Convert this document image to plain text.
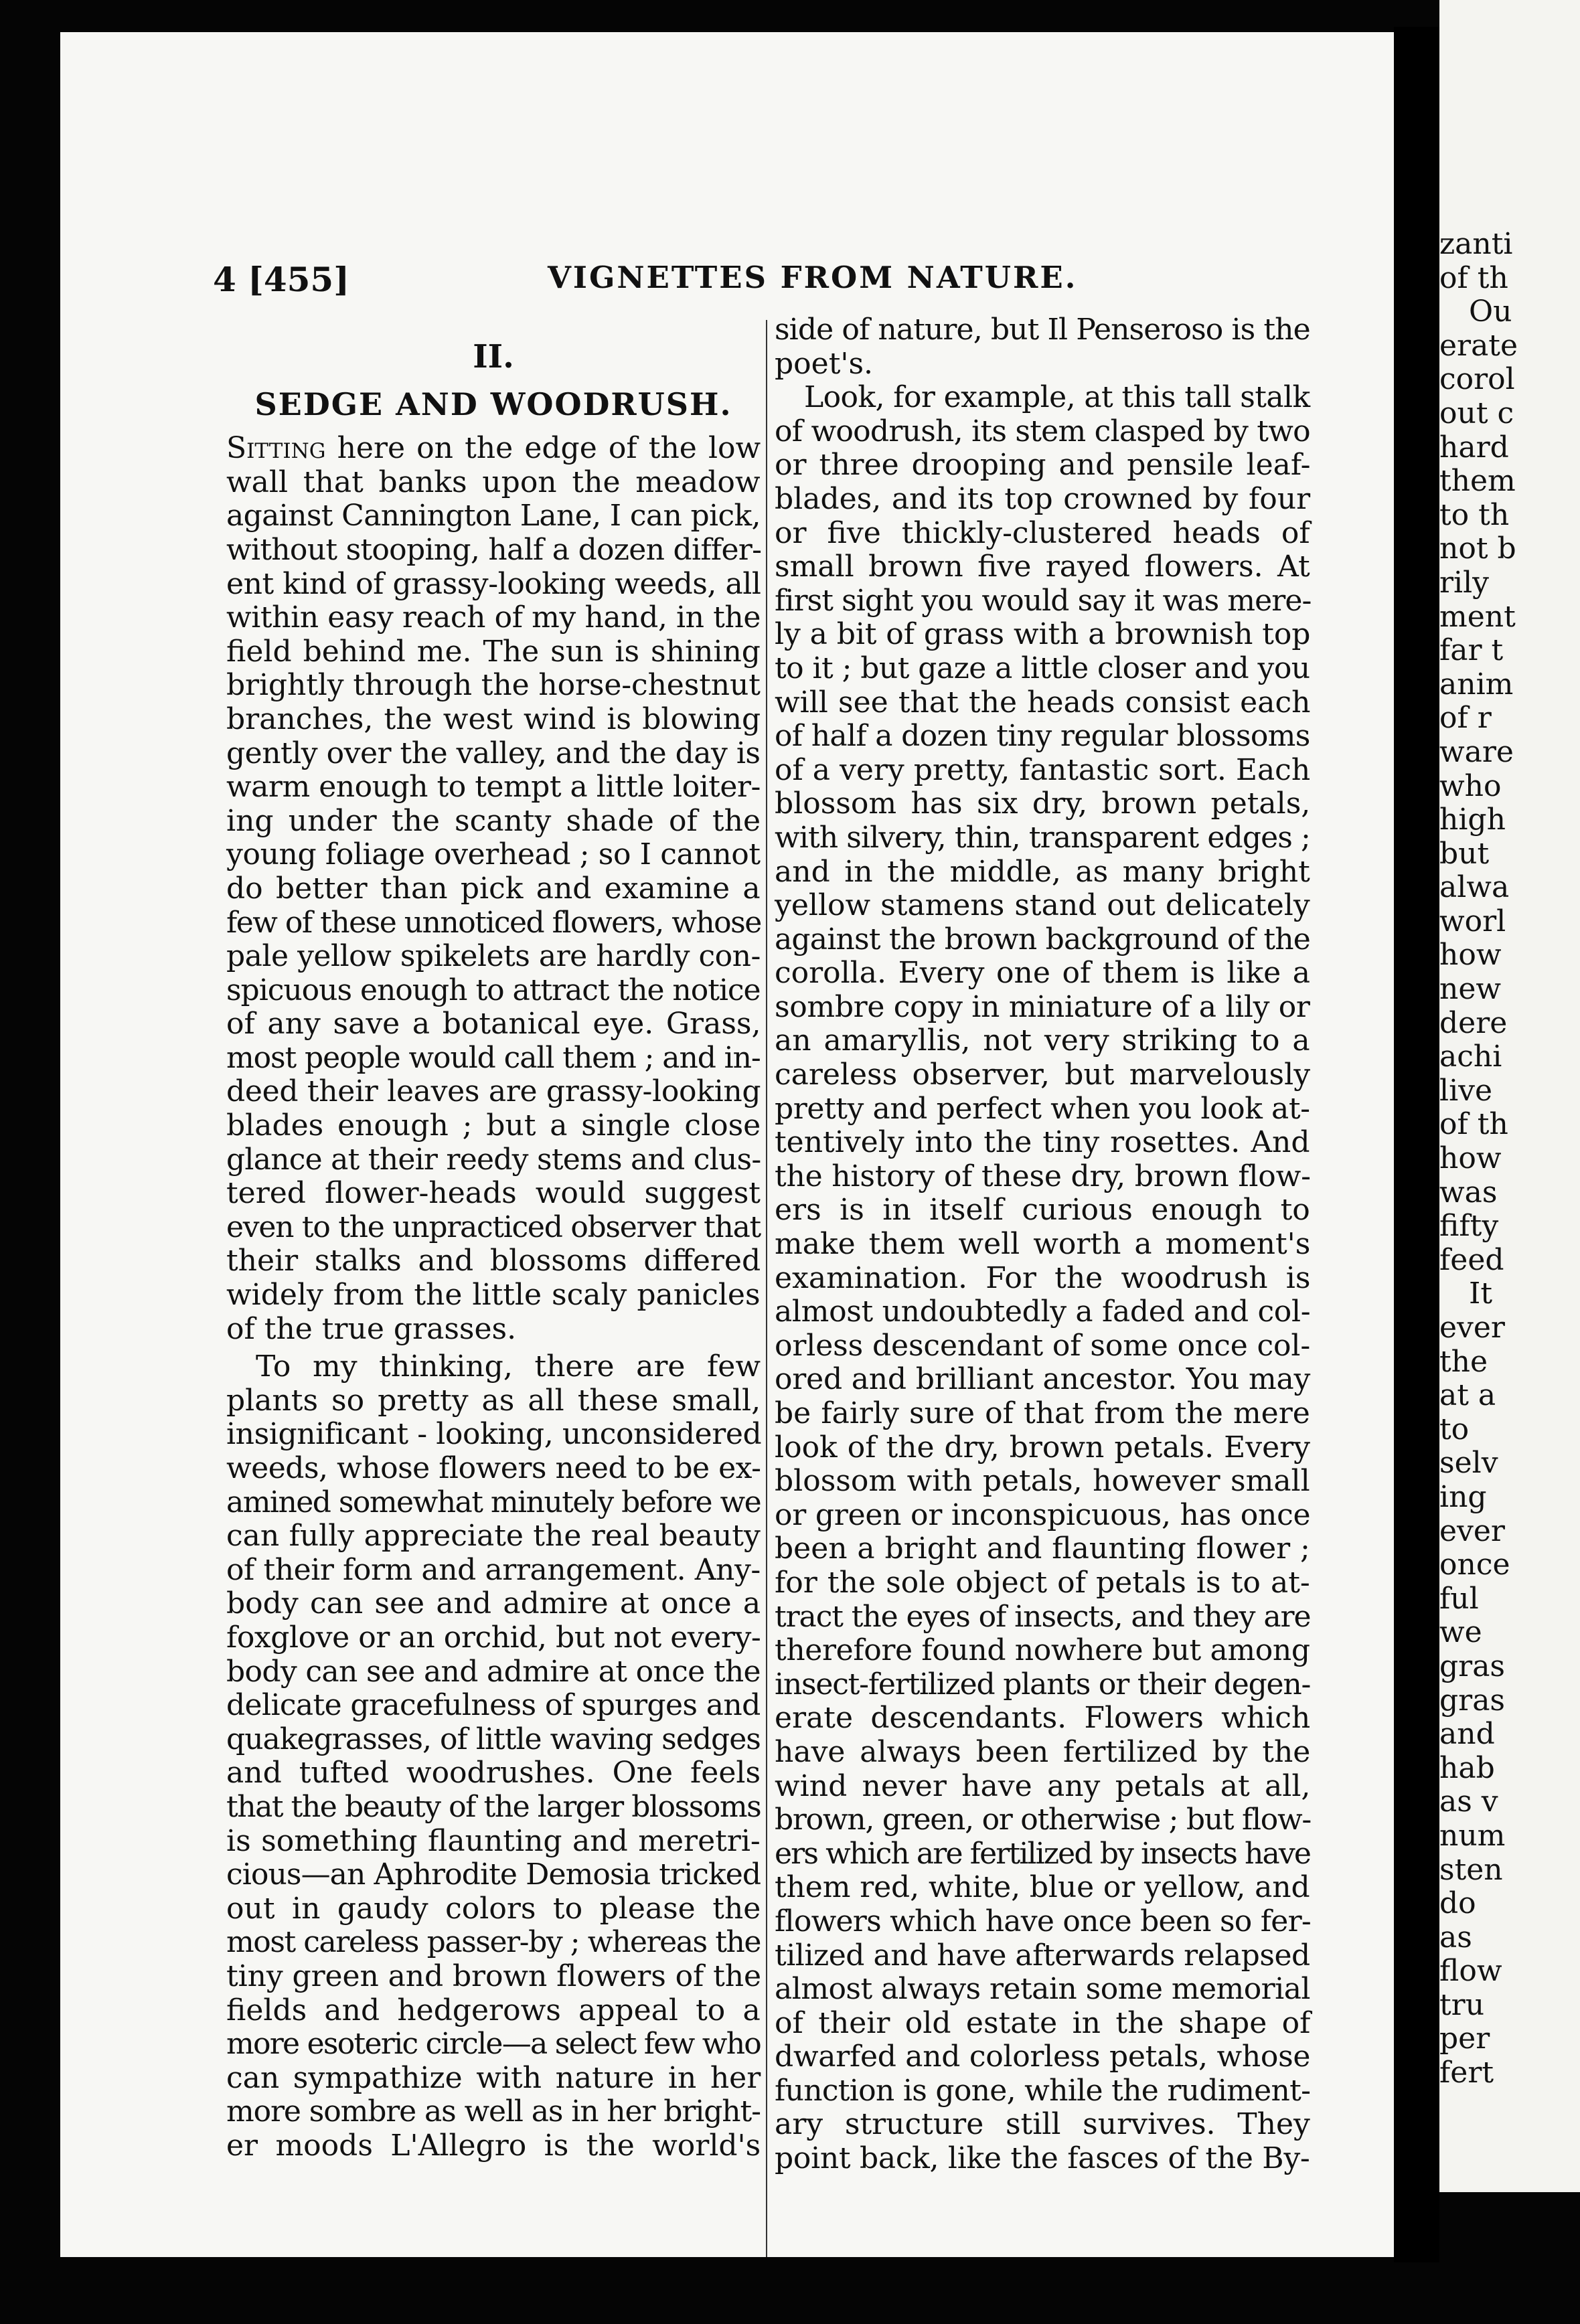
4 [455]	VIGNETTES FROM NATURE.
II.
SEDGE AND WOODRUSH.
Sitting here on the edge of the low
wall that banks upon the meadow
against Cannington Lane, I can pick,
without stooping, half a dozen differ-
ent kind of grassy-looking weeds, all
within easy reach of my hand, in the
field behind me. The sun is shining
brightly through the horse-chestnut
branches, the west wind is blowing
gently over the valley, and the day is
warm enough to tempt a little loiter-
ing under the scanty shade of the
young foliage overhead ; so I cannot
do better than pick and examine a
few of these unnoticed flowers, whose
pale yellow spikelets are hardly con-
spicuous enough to attract the notice
of any save a botanical eye. Grass,
most people would call them ; and in-
deed their leaves are grassy-looking
blades enough ; but a single close
glance at their reedy stems and clus-
tered flower-heads would suggest
even to the unpracticed observer that
their stalks and blossoms differed
widely from the little scaly panicles
of the true grasses.
To my thinking, there are few
plants so pretty as all these small,
insignificant - looking, unconsidered
weeds, whose flowers need to be ex-
amined somewhat minutely before we
can fully appreciate the real beauty
of their form and arrangement. Any-
body can see and admire at once a
foxglove or an orchid, but not every-
body can see and admire at once the
delicate gracefulness of spurges and
quakegrasses, of little waving sedges
and tufted woodrushes. One feels
that the beauty of the larger blossoms
is something flaunting and meretri-
cious—an Aphrodite Demosia tricked
out in gaudy colors to please the
most careless passer-by ; whereas the
tiny green and brown flowers of the
fields and hedgerows appeal to a
more esoteric circle—a select few who
can sympathize with nature in her
more sombre as well as in her bright-
er moods L'Allegro is the world's
side of nature, but Il Penseroso is the
poet's.
Look, for example, at this tall stalk
of woodrush, its stem clasped by two
or three drooping and pensile leaf-
blades, and its top crowned by four
or five thickly-clustered heads of
small brown five rayed flowers. At
first sight you would say it was mere-
ly a bit of grass with a brownish top
to it ; but gaze a little closer and you
will see that the heads consist each
of half a dozen tiny regular blossoms
of a very pretty, fantastic sort. Each
blossom has six dry, brown petals,
with silvery, thin, transparent edges ;
and in the middle, as many bright
yellow stamens stand out delicately
against the brown background of the
corolla. Every one of them is like a
sombre copy in miniature of a lily or
an amaryllis, not very striking to a
careless observer, but marvelously
pretty and perfect when you look at-
tentively into the tiny rosettes. And
the history of these dry, brown flow-
ers is in itself curious enough to
make them well worth a moment's
examination. For the woodrush is
almost undoubtedly a faded and col-
orless descendant of some once col-
ored and brilliant ancestor. You may
be fairly sure of that from the mere
look of the dry, brown petals. Every
blossom with petals, however small
or green or inconspicuous, has once
been a bright and flaunting flower ;
for the sole object of petals is to at-
tract the eyes of insects, and they are
therefore found nowhere but among
insect-fertilized plants or their degen-
erate descendants. Flowers which
have always been fertilized by the
wind never have any petals at all,
brown, green, or otherwise ; but flow-
ers which are fertilized by insects have
them red, white, blue or yellow, and
flowers which have once been so fer-
tilized and have afterwards relapsed
almost always retain some memorial
of their old estate in the shape of
dwarfed and colorless petals, whose
function is gone, while the rudiment-
ary structure still survives. They
point back, like the fasces of the By-
zanti
of th
Ou
erate
corol
out c
hard
them
to th
not b
rily
ment
far t
anim
of r
ware
who
high
but
alwa
worl
how
new
dere
achi
live
of th
how
was
fifty
feed
It
ever
the
at a
to
selv
ing
ever
once
ful
we
gras
gras
and
hab
as v
num
sten
do
as
flow
tru
per
fert
